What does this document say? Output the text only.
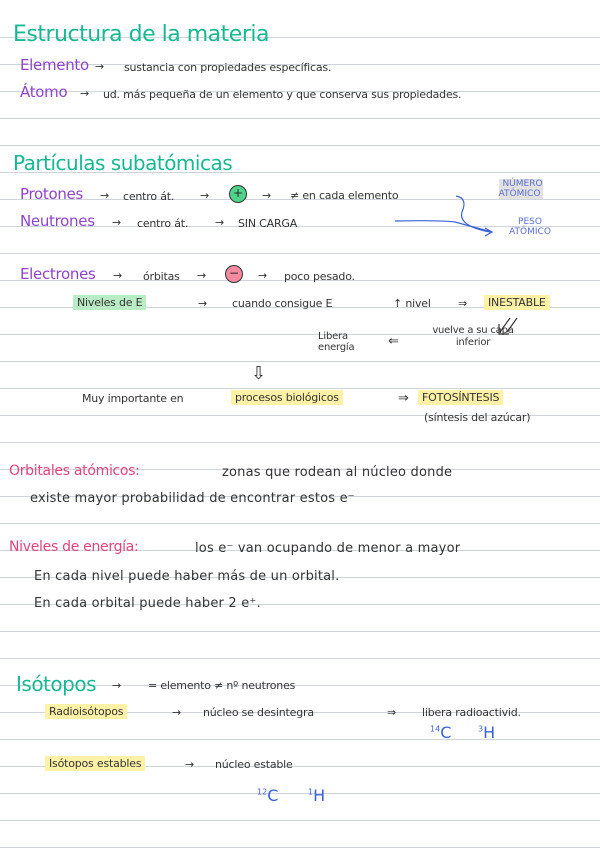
Estructura de la materia
Elemento → sustancia con propiedades específicas.
Átomo → ud. más pequeña de un elemento y que conserva sus propiedades.
Partículas subatómicas
Protones → centro át. →	+	→ ≠ en cada elemento
NÚMERO ATÓMICO
Neutrones → centro át. → SIN CARGA	PESO ATÓMICO
Electrones → órbitas →	−	→ poco pesado.
Niveles de E	→ cuando consigue E	↑ nivel ⇒	INESTABLE
Libera energía	⇐
vuelve a su capa inferior
⇩
Muy importante en	procesos biológicos	⇒	FOTOSÍNTESIS
(síntesis del azúcar)
Orbitales atómicos:	zonas que rodean al núcleo donde
existe mayor probabilidad de encontrar estos e⁻
Niveles de energía:	los e⁻ van ocupando de menor a mayor
En cada nivel puede haber más de un orbital.
En cada orbital puede haber 2 e⁺.
Isótopos → = elemento ≠ nº neutrones
Radioisótopos	→ núcleo se desintegra	⇒ libera radioactivid.
$^{14}$C	$^3$H
Isótopos estables	→ núcleo estable
$^{12}$C	$^1$H
